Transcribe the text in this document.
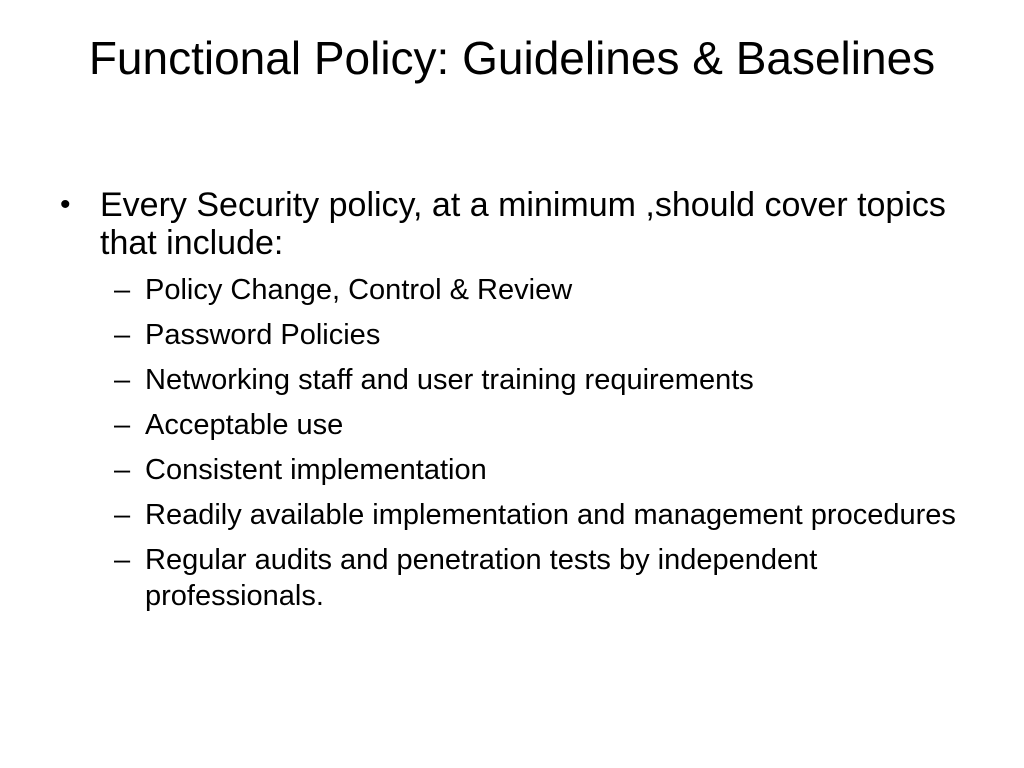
Functional Policy: Guidelines & Baselines
• Every Security policy, at a minimum ,should cover topics that include:
– Policy Change, Control & Review
– Password Policies
– Networking staff and user training requirements
– Acceptable use
– Consistent implementation
– Readily available implementation and management procedures
– Regular audits and penetration tests by independent professionals.
